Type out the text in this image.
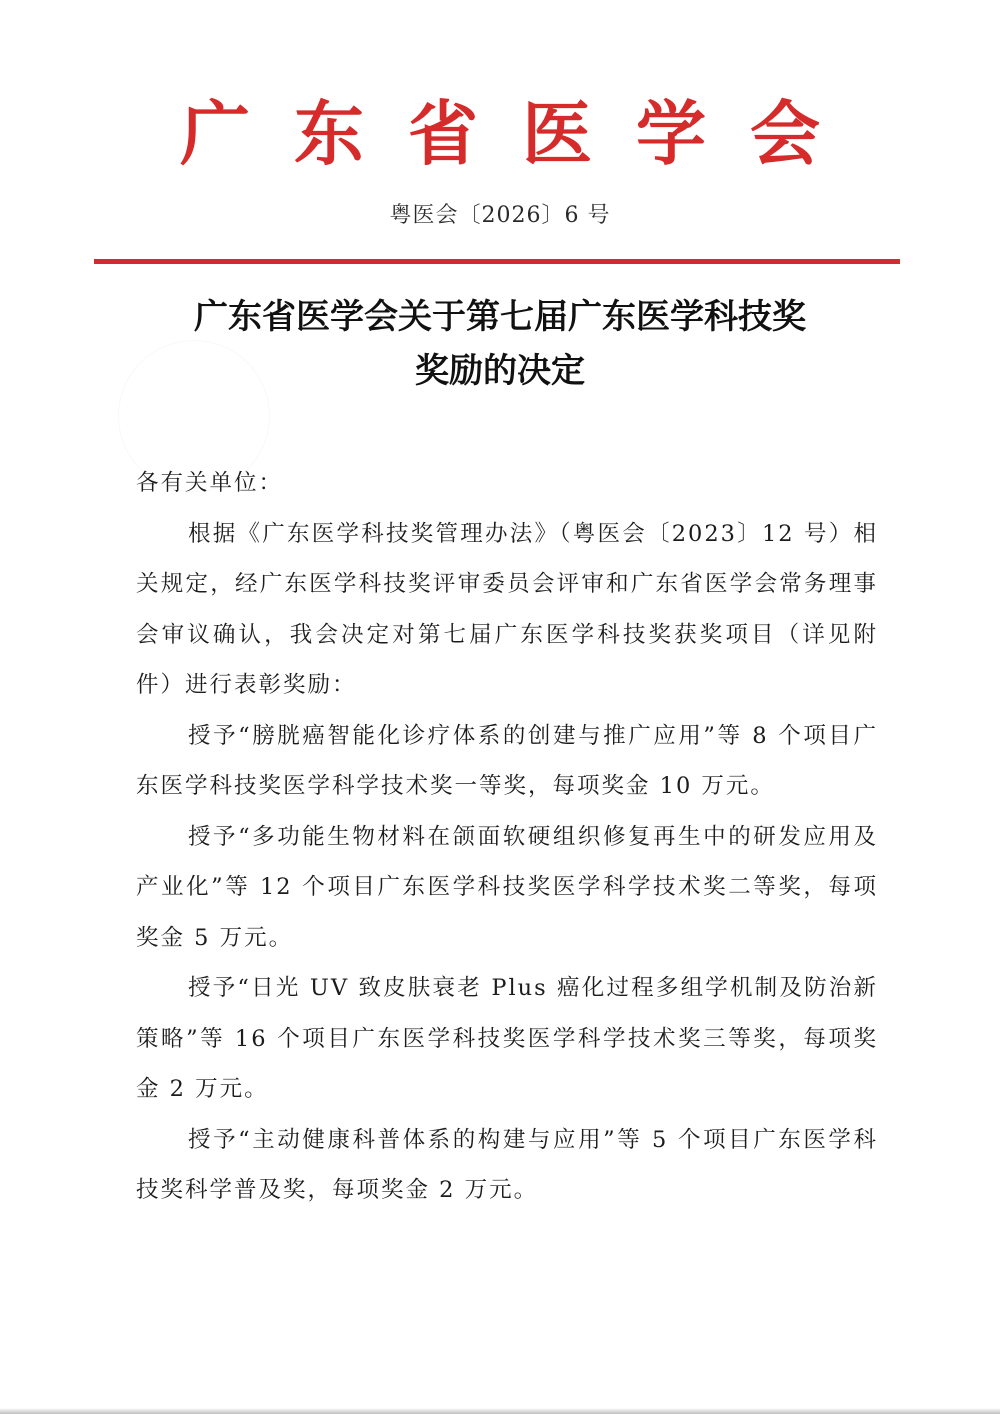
广东省医学会
粤医会〔2026〕6 号
广东省医学会关于第七届广东医学科技奖
奖励的决定

各有关单位：

根据《广东医学科技奖管理办法》（粤医会〔2023〕12 号）相关规定，经广东医学科技奖评审委员会评审和广东省医学会常务理事会审议确认，我会决定对第七届广东医学科技奖获奖项目（详见附件）进行表彰奖励：

授予“膀胱癌智能化诊疗体系的创建与推广应用”等 8 个项目广东医学科技奖医学科学技术奖一等奖，每项奖金 10 万元。

授予“多功能生物材料在颌面软硬组织修复再生中的研发应用及产业化”等 12 个项目广东医学科技奖医学科学技术奖二等奖，每项奖金 5 万元。

授予“日光 UV 致皮肤衰老 Plus 癌化过程多组学机制及防治新策略”等 16 个项目广东医学科技奖医学科学技术奖三等奖，每项奖金 2 万元。

授予“主动健康科普体系的构建与应用”等 5 个项目广东医学科技奖科学普及奖，每项奖金 2 万元。
